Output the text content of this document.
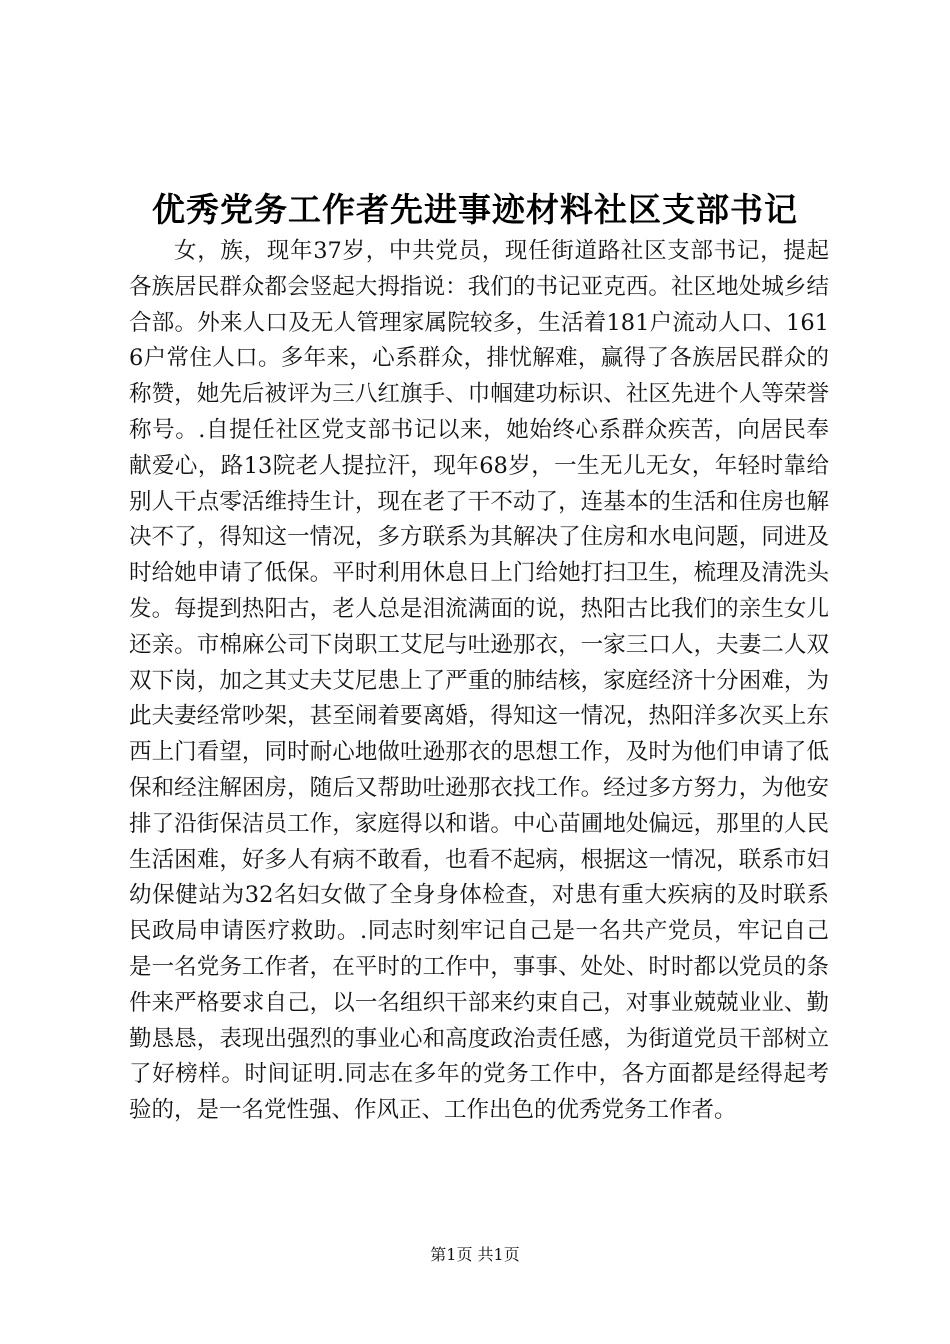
优秀党务工作者先进事迹材料社区支部书记

女，族，现年37岁，中共党员，现任街道路社区支部书记，提起各族居民群众都会竖起大拇指说：我们的书记亚克西。社区地处城乡结合部。外来人口及无人管理家属院较多，生活着181户流动人口、1616户常住人口。多年来，心系群众，排忧解难，赢得了各族居民群众的称赞，她先后被评为三八红旗手、巾帼建功标识、社区先进个人等荣誉称号。.自提任社区党支部书记以来，她始终心系群众疾苦，向居民奉献爱心，路13院老人提拉汗，现年68岁，一生无儿无女，年轻时靠给别人干点零活维持生计，现在老了干不动了，连基本的生活和住房也解决不了，得知这一情况，多方联系为其解决了住房和水电问题，同进及时给她申请了低保。平时利用休息日上门给她打扫卫生，梳理及清洗头发。每提到热阳古，老人总是泪流满面的说，热阳古比我们的亲生女儿还亲。市棉麻公司下岗职工艾尼与吐逊那衣，一家三口人，夫妻二人双双下岗，加之其丈夫艾尼患上了严重的肺结核，家庭经济十分困难，为此夫妻经常吵架，甚至闹着要离婚，得知这一情况，热阳洋多次买上东西上门看望，同时耐心地做吐逊那衣的思想工作，及时为他们申请了低保和经注解困房，随后又帮助吐逊那衣找工作。经过多方努力，为他安排了沿街保洁员工作，家庭得以和谐。中心苗圃地处偏远，那里的人民生活困难，好多人有病不敢看，也看不起病，根据这一情况，联系市妇幼保健站为32名妇女做了全身身体检查，对患有重大疾病的及时联系民政局申请医疗救助。.同志时刻牢记自己是一名共产党员，牢记自己是一名党务工作者，在平时的工作中，事事、处处、时时都以党员的条件来严格要求自己，以一名组织干部来约束自己，对事业兢兢业业、勤勤恳恳，表现出强烈的事业心和高度政治责任感，为街道党员干部树立了好榜样。时间证明.同志在多年的党务工作中，各方面都是经得起考验的，是一名党性强、作风正、工作出色的优秀党务工作者。

第1页 共1页
